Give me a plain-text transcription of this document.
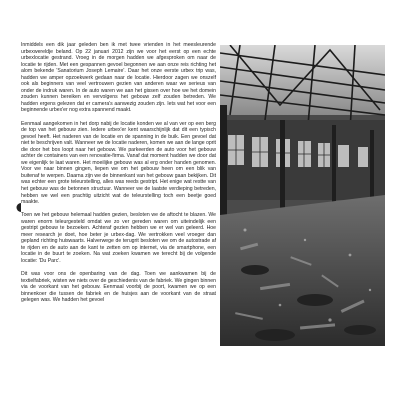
Inmiddels een dik jaar geleden ben ik met twee vrienden in het meesleurende urbexwereldje beland. Op 22 januari 2012 zijn we voor het eerst op een echte urbexlocatie gestrand. Vroeg in de morgen hadden we afgesproken om naar de locatie te rijden. Met een gespannen gevoel begonnen we aan onze reis richting het alom bekende 'Sanatorium Joseph Lemaire'. Daar het onze eerste urbex trip was, hadden we amper opzoekwerk gedaan naar de locatie. Hierdoor zagen we onszelf ook als beginners van veel vertrouwen gezien van anderen waar we serieus van onder de indruk waren. In de auto waren we aan het gissen over hoe we het domein zouden kunnen bereiken en vervolgens het gebouw zelf zouden betreden. We hadden ergens gelezen dat er camera's aanwezig zouden zijn. Iets wat het voor een beginnende urbex'er nog extra spannend maakt.

Eenmaal aangekomen in het dorp nabij de locatie konden we al van ver op een berg de top van het gebouw zien. Iedere urbex'er kent waarschijnlijk dat dit een typisch gevoel heeft. Het naderen van de locatie en de spanning in de buik. Een gevoel dat niet te beschrijven valt. Wanneer we de locatie naderen, komen we aan de lange oprit die door het bos loopt naar het gebouw. We parkeerden de auto voor het gebouw achter de containers van een renovatie-firma. Vanaf dat moment hadden we door dat we eigenlijk te laat waren. Het moeilijke gebouw was al erg onder handen genomen. Voor we naar binnen gingen, liepen we om het gebouw heen om een blik van buitenaf te werpen. Daarna zijn we de binnenkant van het gebouw gaan bekijken. Dit was echter een grote teleurstelling, alles was reeds gestript. Het enige wat restte van het gebouw was de betonnen structuur. Wanneer we de laatste verdieping betreden, hebben we wel een prachtig uitzicht wat de teleurstelling toch een beetje goed maakte.

Toen we het gebouw helemaal hadden gezien, besloten we de aftocht te blazen. We waren enorm teleurgesteld omdat we zo ver gereden waren om uiteindelijk een gestript gebouw te bezoeken. Achteraf gezien hebben we er wel van geleerd. Hoe meer research je doet, hoe beter je urbex-dag. We vertrokken veel vroeger dan gepland richting huiswaarts. Halverwege de terugrit besloten we om de autostrade af te rijden en de auto aan de kant te zetten om op internet, via de smartphone, een locatie in de buurt te zoeken. Na wat zoeken kwamen we terecht bij de volgende locatie: 'Du Parc'.

Dit was voor ons de openbaring van de dag. Toen we aankwamen bij de textielfabriek, wisten we niets over de geschiedenis van de fabriek. We gingen binnen via de voorkant van het gebouw. Eenmaal voorbij de poort, kwamen we op een binnenkoer die tussen de fabriek en de huisjes aan de voorkant van de straat gelegen was. We hadden het gevoel
